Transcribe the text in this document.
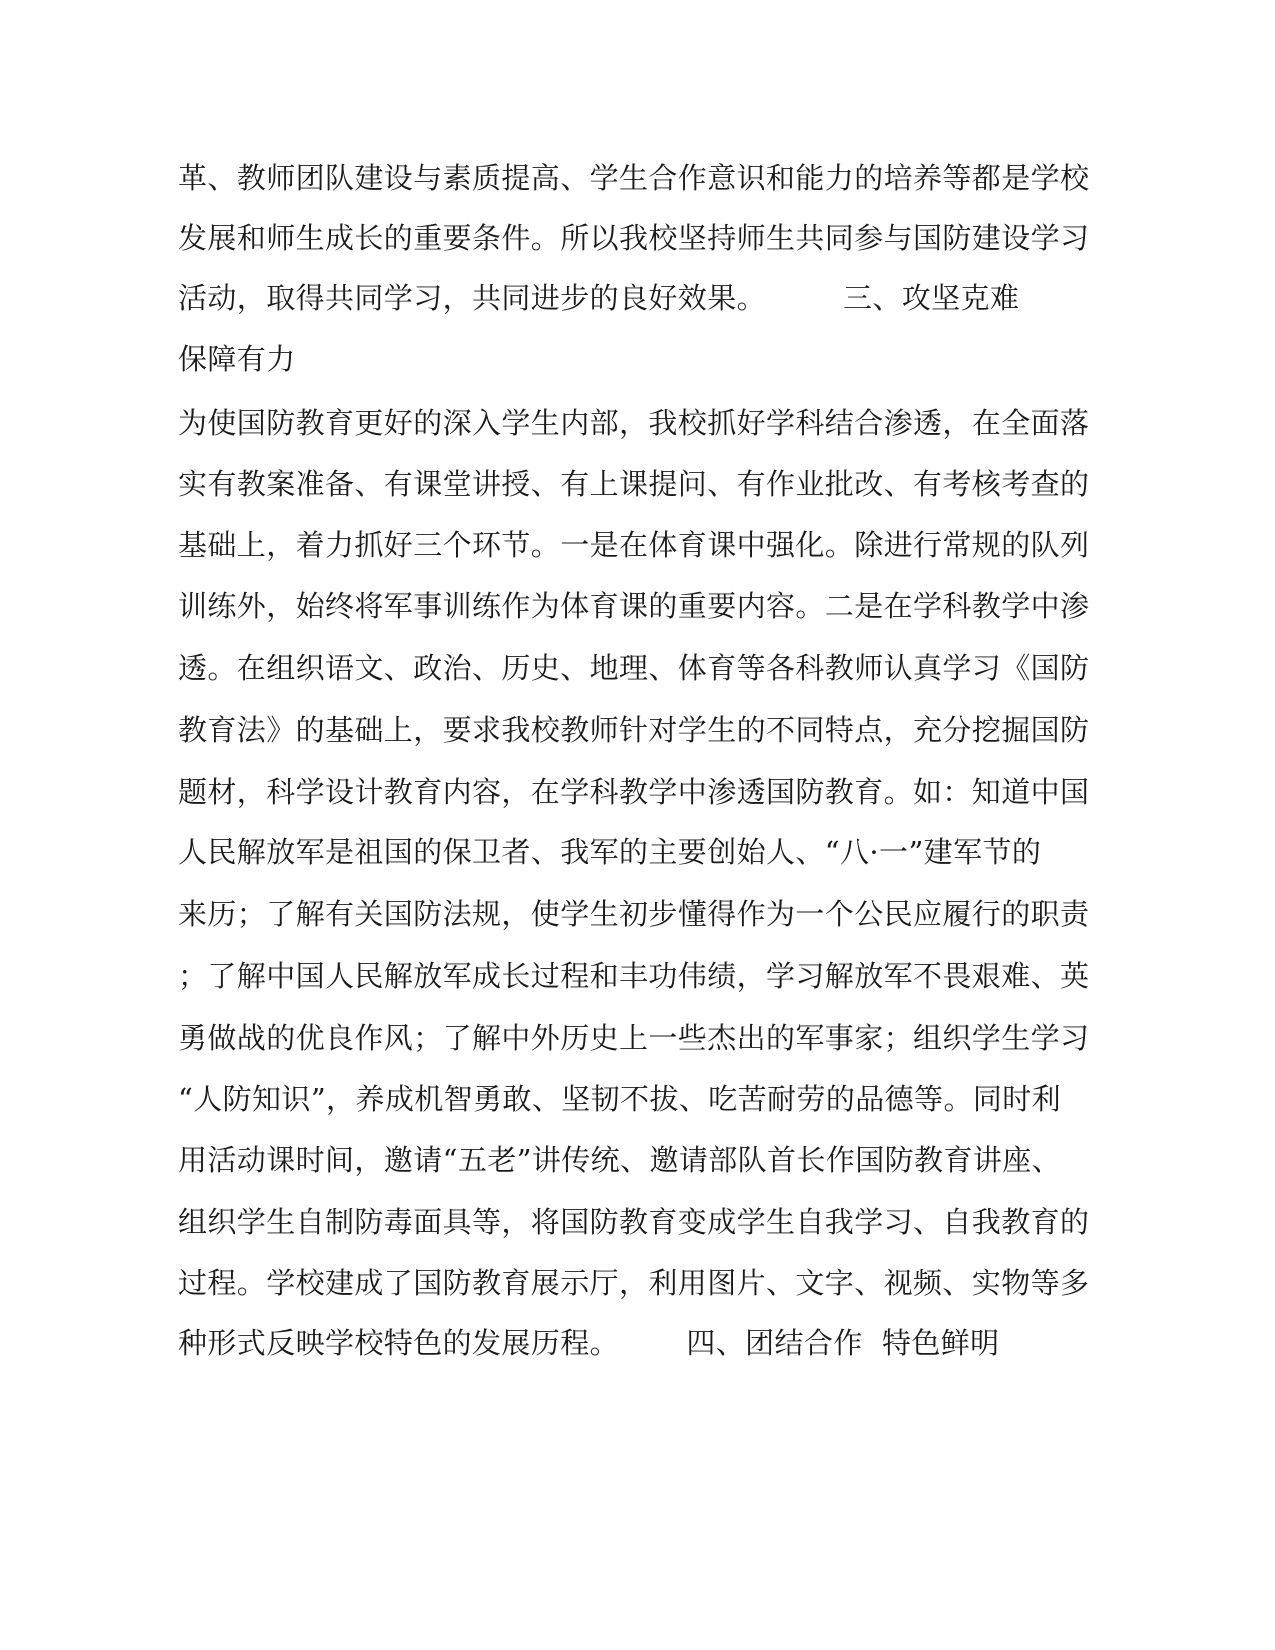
革、教师团队建设与素质提高、学生合作意识和能力的培养等都是学校
发展和师生成长的重要条件。所以我校坚持师生共同参与国防建设学习
活动，取得共同学习，共同进步的良好效果。        三、攻坚克难
保障有力
为使国防教育更好的深入学生内部，我校抓好学科结合渗透，在全面落
实有教案准备、有课堂讲授、有上课提问、有作业批改、有考核考查的
基础上，着力抓好三个环节。一是在体育课中强化。除进行常规的队列
训练外，始终将军事训练作为体育课的重要内容。二是在学科教学中渗
透。在组织语文、政治、历史、地理、体育等各科教师认真学习《国防
教育法》的基础上，要求我校教师针对学生的不同特点，充分挖掘国防
题材，科学设计教育内容，在学科教学中渗透国防教育。如：知道中国
人民解放军是祖国的保卫者、我军的主要创始人、“八·一”建军节的
来历；了解有关国防法规，使学生初步懂得作为一个公民应履行的职责
；了解中国人民解放军成长过程和丰功伟绩，学习解放军不畏艰难、英
勇做战的优良作风；了解中外历史上一些杰出的军事家；组织学生学习
“人防知识”，养成机智勇敢、坚韧不拔、吃苦耐劳的品德等。同时利
用活动课时间，邀请“五老”讲传统、邀请部队首长作国防教育讲座、
组织学生自制防毒面具等，将国防教育变成学生自我学习、自我教育的
过程。学校建成了国防教育展示厅，利用图片、文字、视频、实物等多
种形式反映学校特色的发展历程。       四、团结合作  特色鲜明
